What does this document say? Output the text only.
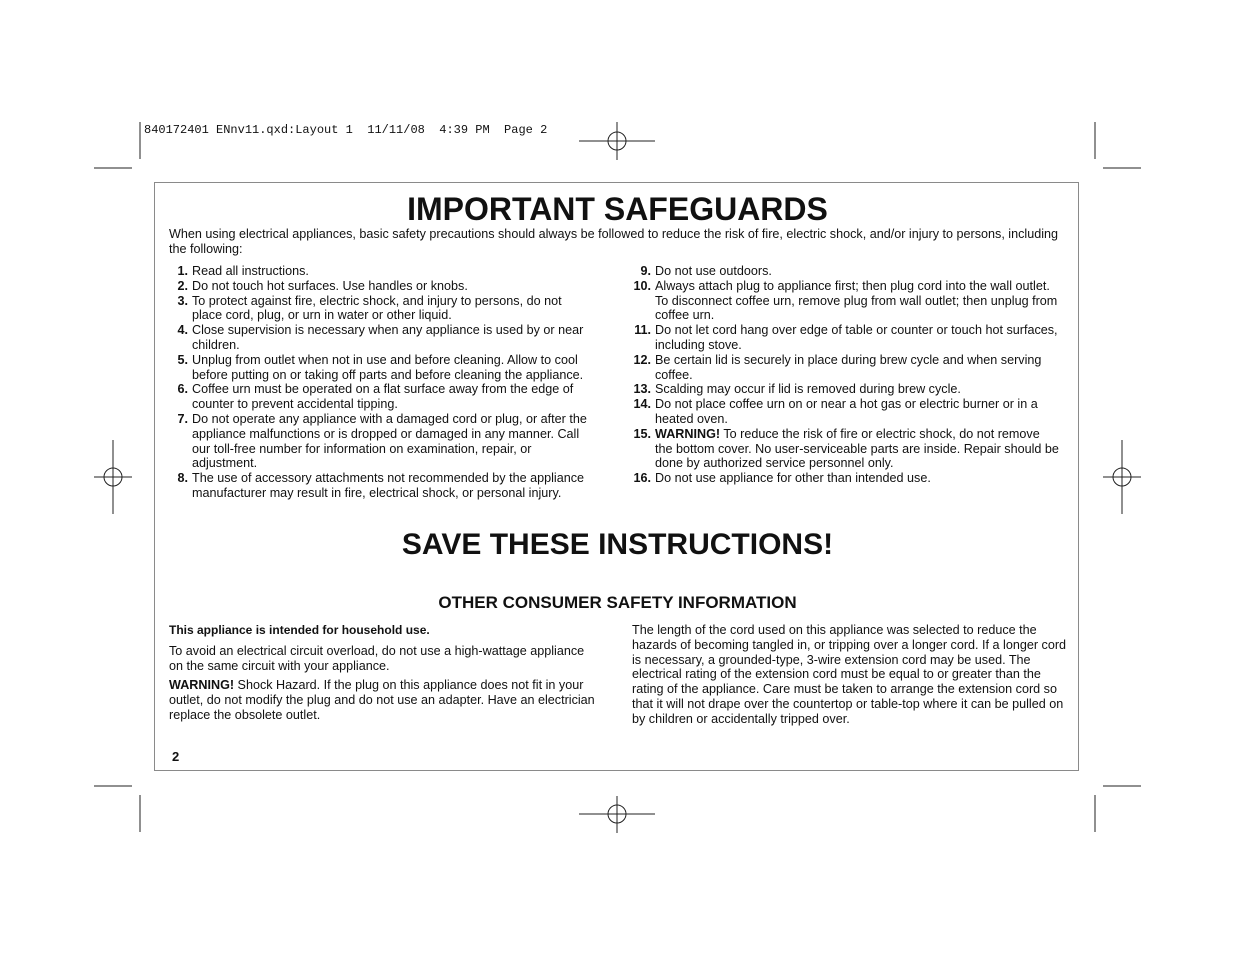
840172401 ENnv11.qxd:Layout 1  11/11/08  4:39 PM  Page 2
IMPORTANT SAFEGUARDS
When using electrical appliances, basic safety precautions should always be followed to reduce the risk of fire, electric shock, and/or injury to persons, including the following:
1. Read all instructions.
2. Do not touch hot surfaces. Use handles or knobs.
3. To protect against fire, electric shock, and injury to persons, do not place cord, plug, or urn in water or other liquid.
4. Close supervision is necessary when any appliance is used by or near children.
5. Unplug from outlet when not in use and before cleaning. Allow to cool before putting on or taking off parts and before cleaning the appliance.
6. Coffee urn must be operated on a flat surface away from the edge of counter to prevent accidental tipping.
7. Do not operate any appliance with a damaged cord or plug, or after the appliance malfunctions or is dropped or damaged in any manner. Call our toll-free number for information on examination, repair, or adjustment.
8. The use of accessory attachments not recommended by the appliance manufacturer may result in fire, electrical shock, or personal injury.
9. Do not use outdoors.
10. Always attach plug to appliance first; then plug cord into the wall outlet. To disconnect coffee urn, remove plug from wall outlet; then unplug from coffee urn.
11. Do not let cord hang over edge of table or counter or touch hot surfaces, including stove.
12. Be certain lid is securely in place during brew cycle and when serving coffee.
13. Scalding may occur if lid is removed during brew cycle.
14. Do not place coffee urn on or near a hot gas or electric burner or in a heated oven.
15. WARNING! To reduce the risk of fire or electric shock, do not remove the bottom cover. No user-serviceable parts are inside. Repair should be done by authorized service personnel only.
16. Do not use appliance for other than intended use.
SAVE THESE INSTRUCTIONS!
OTHER CONSUMER SAFETY INFORMATION

This appliance is intended for household use.

To avoid an electrical circuit overload, do not use a high-wattage appliance on the same circuit with your appliance.

WARNING! Shock Hazard. If the plug on this appliance does not fit in your outlet, do not modify the plug and do not use an adapter. Have an electrician replace the obsolete outlet.

The length of the cord used on this appliance was selected to reduce the hazards of becoming tangled in, or tripping over a longer cord. If a longer cord is necessary, a grounded-type, 3-wire extension cord may be used. The electrical rating of the extension cord must be equal to or greater than the rating of the appliance. Care must be taken to arrange the extension cord so that it will not drape over the countertop or table-top where it can be pulled on by children or accidentally tripped over.

2
